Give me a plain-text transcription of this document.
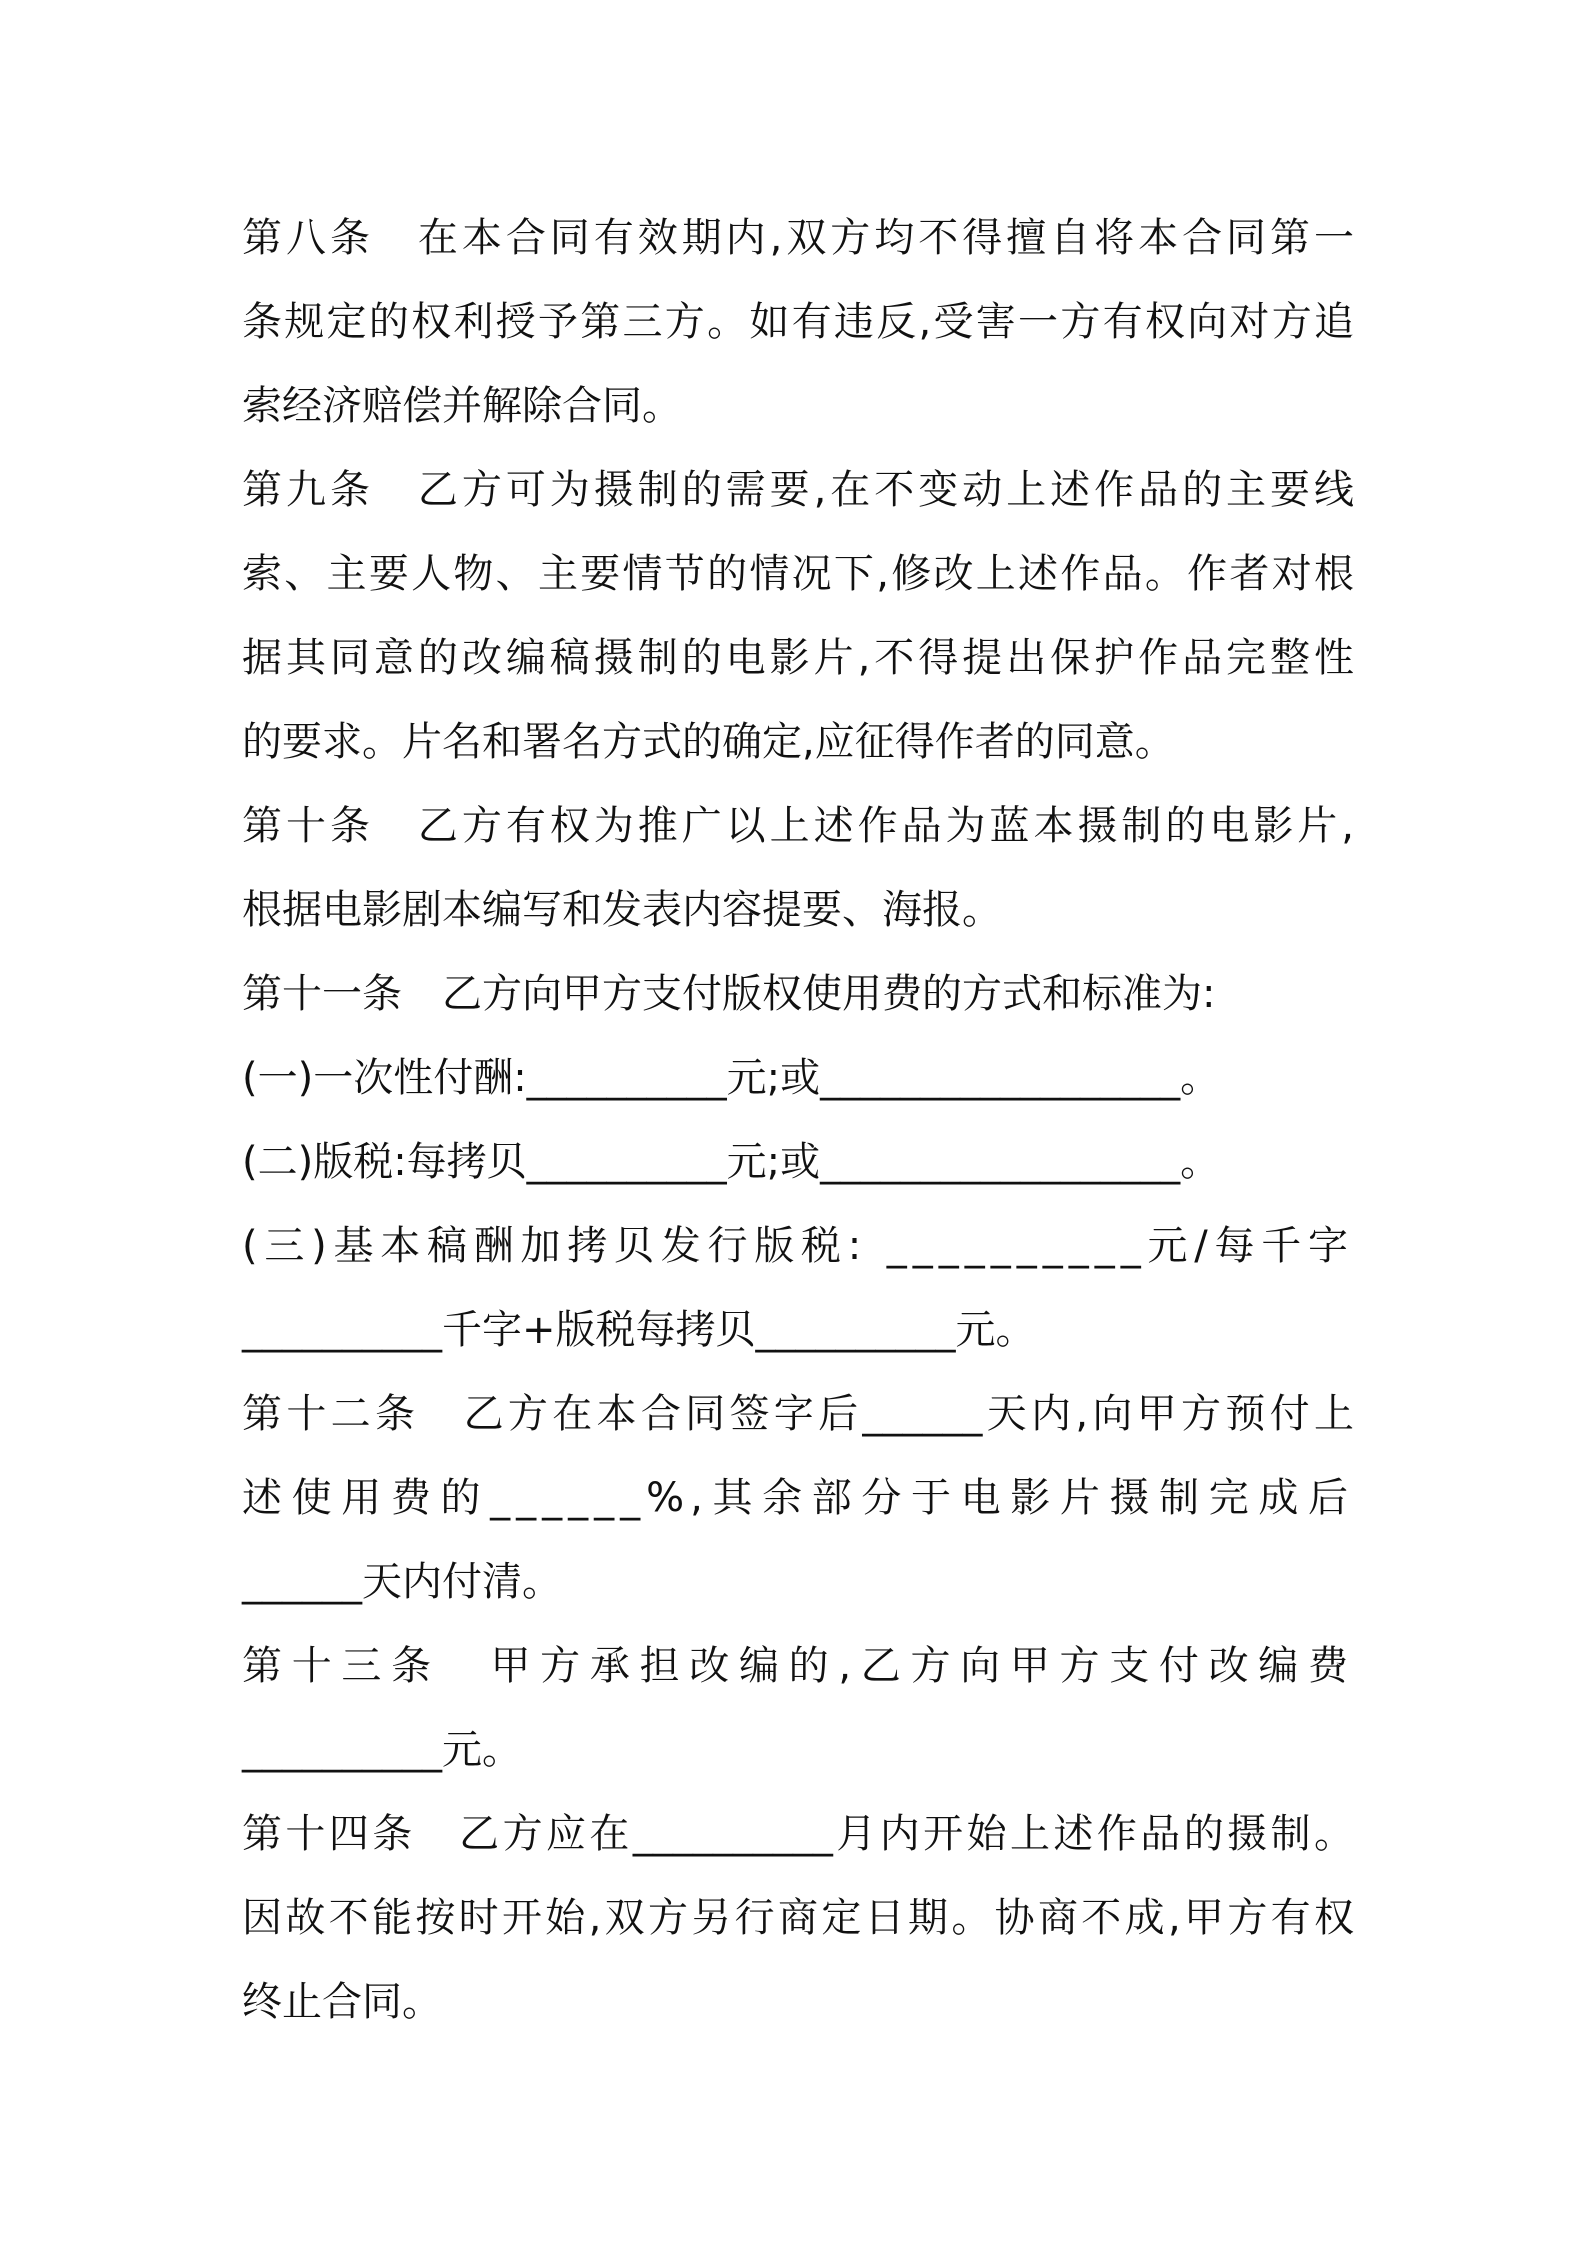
第八条　在本合同有效期内,双方均不得擅自将本合同第一
条规定的权利授予第三方。如有违反,受害一方有权向对方追
索经济赔偿并解除合同。
第九条　乙方可为摄制的需要,在不变动上述作品的主要线
索、主要人物、主要情节的情况下,修改上述作品。作者对根
据其同意的改编稿摄制的电影片,不得提出保护作品完整性
的要求。片名和署名方式的确定,应征得作者的同意。
第十条　乙方有权为推广以上述作品为蓝本摄制的电影片,
根据电影剧本编写和发表内容提要、海报。
第十一条　乙方向甲方支付版权使用费的方式和标准为:
(一)一次性付酬:__________元;或__________________。
(二)版税:每拷贝__________元;或__________________。
(三)基本稿酬加拷贝发行版税: __________元/每千字
__________千字+版税每拷贝__________元。
第十二条　乙方在本合同签字后______天内,向甲方预付上
述使用费的______%,其余部分于电影片摄制完成后
______天内付清。
第十三条　甲方承担改编的,乙方向甲方支付改编费
__________元。
第十四条　乙方应在__________月内开始上述作品的摄制。
因故不能按时开始,双方另行商定日期。协商不成,甲方有权
终止合同。
